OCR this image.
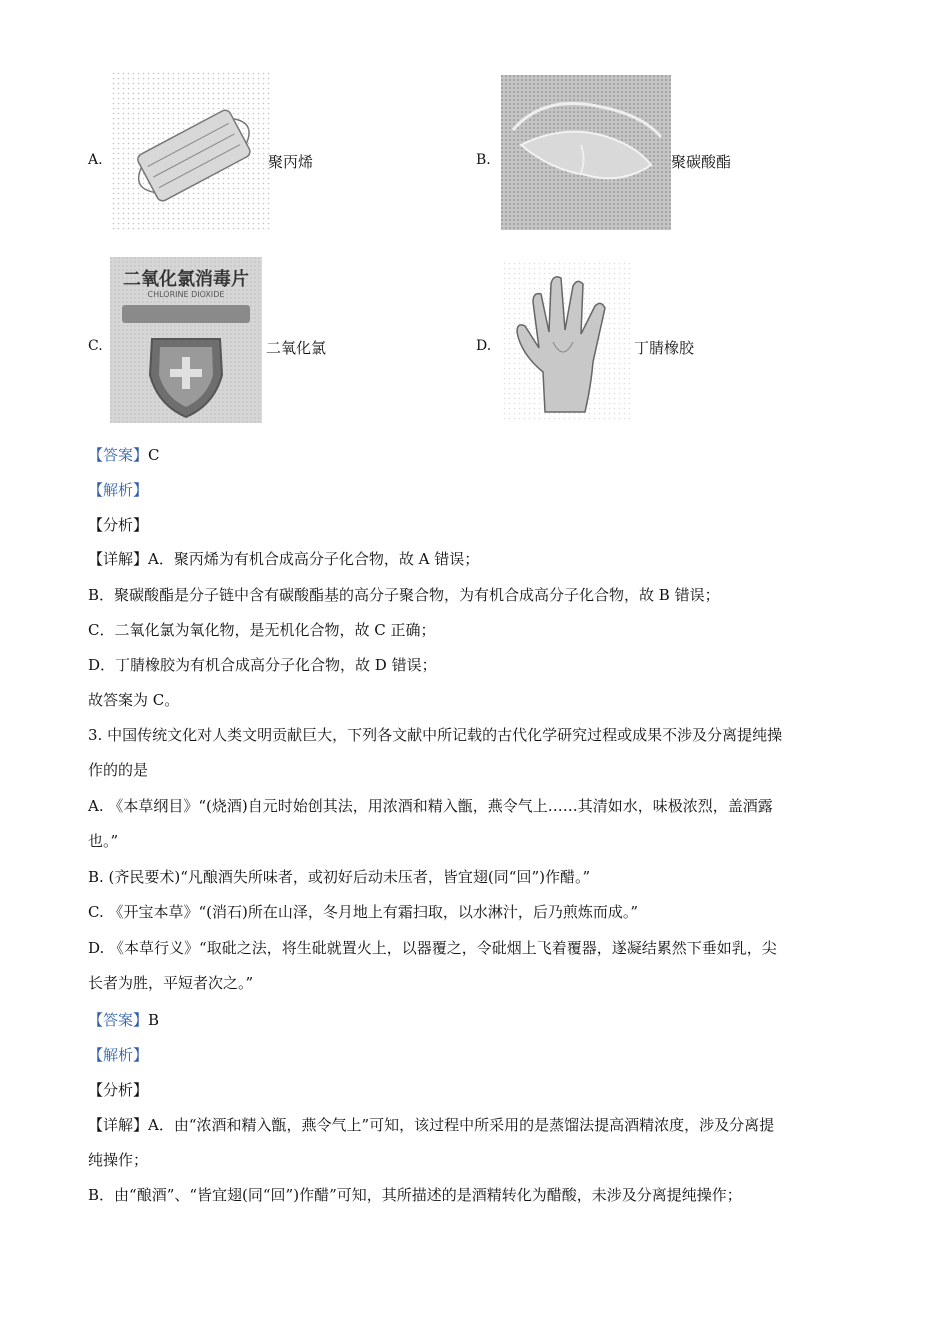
A.	聚丙烯	B.	聚碳酸酯
C.
二氧化氯消毒片
CHLORINE DIOXIDE
二氧化氯	D.	丁腈橡胶
【答案】C
【解析】
【分析】
【详解】A．聚丙烯为有机合成高分子化合物，故 A 错误；
B．聚碳酸酯是分子链中含有碳酸酯基的高分子聚合物，为有机合成高分子化合物，故 B 错误；
C．二氧化氯为氧化物，是无机化合物，故 C 正确；
D．丁腈橡胶为有机合成高分子化合物，故 D 错误；
故答案为 C。
3. 中国传统文化对人类文明贡献巨大，下列各文献中所记载的古代化学研究过程或成果不涉及分离提纯操
作的的是
A. 《本草纲目》“(烧酒)自元时始创其法，用浓酒和精入甑，燕令气上……其清如水，味极浓烈，盖酒露
也。”
B. (齐民要术)“凡酿酒失所味者，或初好后动未压者，皆宜翅(同“回”)作醋。”
C. 《开宝本草》“(消石)所在山泽，冬月地上有霜扫取，以水淋汁，后乃煎炼而成。”
D. 《本草行义》“取砒之法，将生砒就置火上，以器覆之，令砒烟上飞着覆器，遂凝结累然下垂如乳，尖
长者为胜，平短者次之。”
【答案】B
【解析】
【分析】
【详解】A．由“浓酒和精入甑，燕令气上”可知，该过程中所采用的是蒸馏法提高酒精浓度，涉及分离提
纯操作；
B．由“酿酒”、“皆宜翅(同“回”)作醋”可知，其所描述的是酒精转化为醋酸，未涉及分离提纯操作；
